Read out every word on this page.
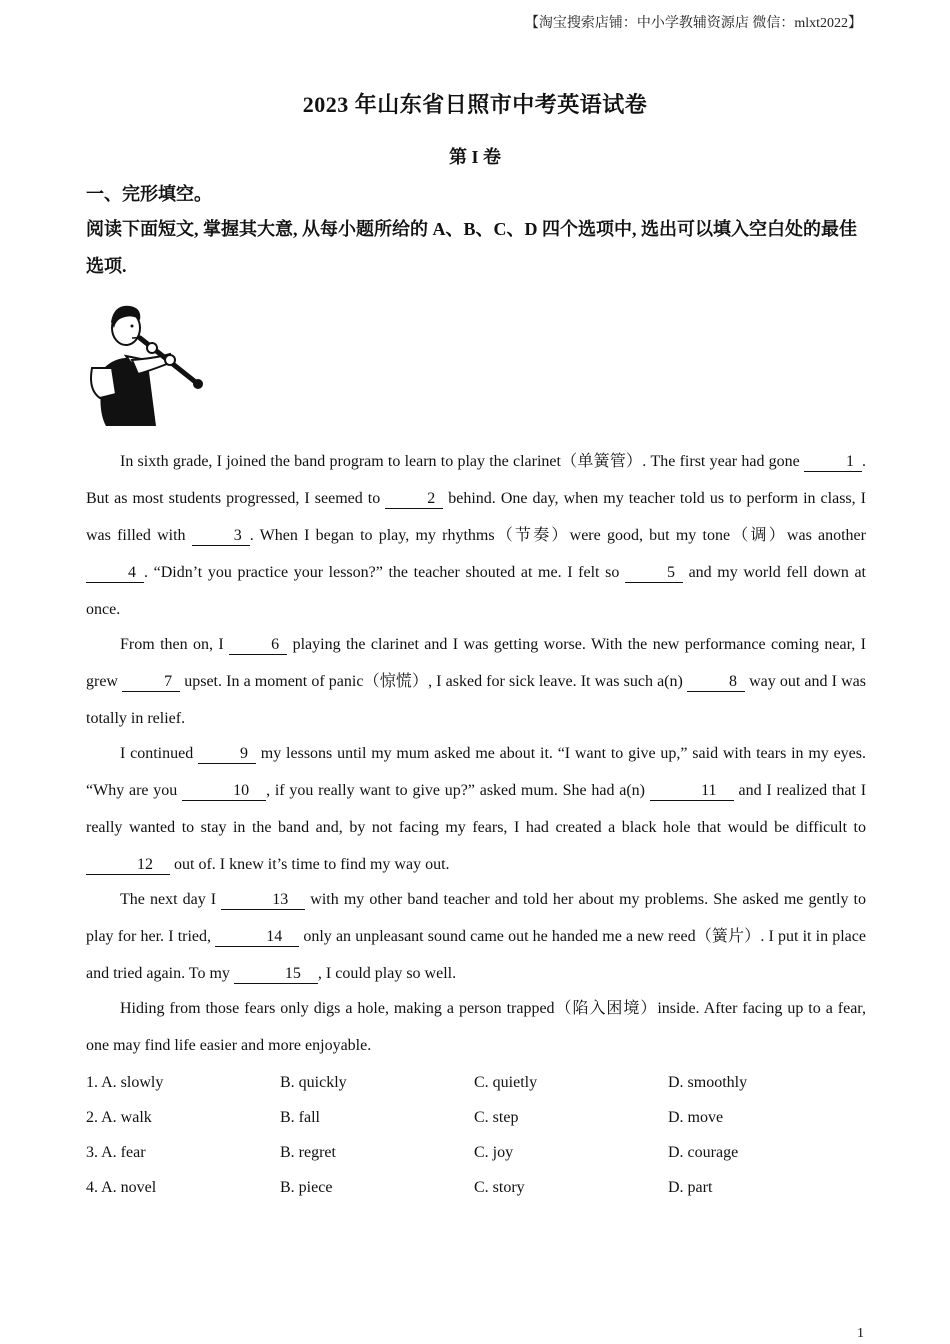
【淘宝搜索店铺：中小学教辅资源店 微信：mlxt2022】
2023 年山东省日照市中考英语试卷
第 I 卷
一、完形填空。
阅读下面短文, 掌握其大意, 从每小题所给的 A、B、C、D 四个选项中, 选出可以填入空白处的最佳选项.

In sixth grade, I joined the band program to learn to play the clarinet（单簧管）. The first year had gone	1 . But as most students progressed, I seemed to	2 behind. One day, when my teacher told us to perform in class, I was filled with	3 . When I began to play, my rhythms（节奏）were good, but my tone（调）was another 4 . “Didn’t you practice your lesson?” the teacher shouted at me. I felt so	5 and my world fell down at once.

From then on, I	6 playing the clarinet and I was getting worse. With the new performance coming near, I grew	7 upset. In a moment of panic（惊慌）, I asked for sick leave. It was such a(n)	8 way out and I was totally in relief.

I continued	9 my lessons until my mum asked me about it. “I want to give up,” said with tears in my eyes. “Why are you	10 , if you really want to give up?” asked mum. She had a(n)	11 and I realized that I really wanted to stay in the band and, by not facing my fears, I had created a black hole that would be difficult to 12 out of. I knew it’s time to find my way out.

The next day I	13 with my other band teacher and told her about my problems. She asked me gently to play for her. I tried,	14 only an unpleasant sound came out he handed me a new reed（簧片）. I put it in place and tried again. To my	15 , I could play so well.

Hiding from those fears only digs a hole, making a person trapped（陷入困境）inside. After facing up to a fear, one may find life easier and more enjoyable.

1. A. slowly	B. quickly	C. quietly	D. smoothly
2. A. walk	B. fall	C. step	D. move
3. A. fear	B. regret	C. joy	D. courage
4. A. novel	B. piece	C. story	D. part
1
